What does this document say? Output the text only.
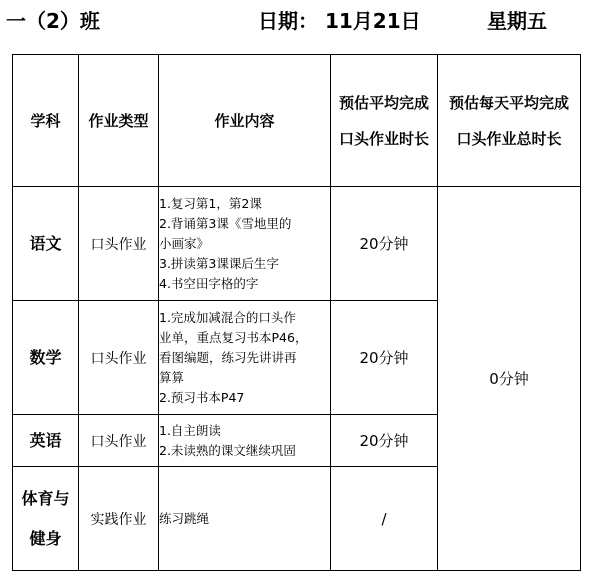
一（2）班	日期： 11月21日	星期五
学科	作业类型	作业内容	预估平均完成口头作业时长	预估每天平均完成口头作业总时长

语文	口头作业	1.复习第1，第2课
2.背诵第3课《雪地里的
小画家》
3.拼读第3课课后生字
4.书空田字格的字	20分钟	0分钟
数学	口头作业	1.完成加减混合的口头作
业单，重点复习书本P46，
看图编题，练习先讲讲再
算算
2.预习书本P47	20分钟	
英语	口头作业	1.自主朗读
2.未读熟的课文继续巩固	20分钟	
体育与健身	实践作业	练习跳绳	/	
